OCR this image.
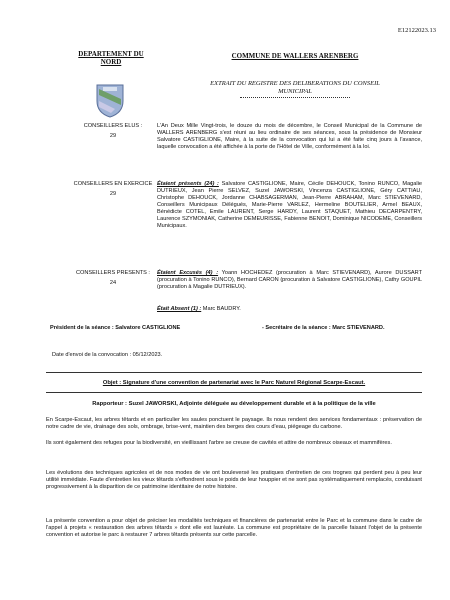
E12122023.13
DEPARTEMENT DU NORD
COMMUNE DE WALLERS ARENBERG
EXTRAIT DU REGISTRE DES DELIBERATIONS DU CONSEIL MUNICIPAL
CONSEILLERS ELUS :
29
L'An Deux Mille Vingt-trois, le douze du mois de décembre, le Conseil Municipal de la Commune de WALLERS ARENBERG s'est réuni au lieu ordinaire de ses séances, sous la présidence de Monsieur Salvatore CASTIGLIONE, Maire, à la suite de la convocation qui lui a été faite cinq jours à l'avance, laquelle convocation a été affichée à la porte de l'Hôtel de Ville, conformément à la loi.
CONSEILLERS EN EXERCICE
29
Étaient présents (24) : Salvatore CASTIGLIONE, Maire, Cécile DEHOUCK, Tonino RUNCO, Magalie DUTRIEUX, Jean Pierre SELVEZ, Suzel JAWORSKI, Vincenza CASTIGLIONE, Géry CATTIAU, Christophe DEHOUCK, Jordanne CHABSAGERMAN, Jean-Pierre ABRAHAM, Marc STIEVENARD, Conseillers Municipaux Délégués, Marie-Pierre VARLEZ, Hermeline BOUTELIER, Armel BEAUX, Bénédicte COTEL, Emile LAURENT, Serge HARDY, Laurent STAQUET, Mathieu DECARPENTRY, Laurence SZYMONIAK, Catherine DEMEURISSE, Fabienne BENOIT, Dominique NICODEME, Conseillers Municipaux.
CONSEILLERS PRESENTS :
24
Étaient Excusés (4) : Yoann HOCHEDEZ (procuration à Marc STIEVENARD), Aurore DUSSART (procuration à Tonino RUNCO), Bernard CARON (procuration à Salvatore CASTIGLIONE), Cathy GOUPIL (procuration à Magalie DUTRIEUX).
Était Absent (1) : Marc BAUDRY.
Président de la séance : Salvatore CASTIGLIONE	- Secrétaire de la séance : Marc STIEVENARD.
Date d'envoi de la convocation : 05/12/2023.
Objet : Signature d'une convention de partenariat avec le Parc Naturel Régional Scarpe-Escaut.
Rapporteur : Suzel JAWORSKI, Adjointe déléguée au développement durable et à la politique de la ville
En Scarpe-Escaut, les arbres têtards et en particulier les saules ponctuent le paysage. Ils nous rendent des services fondamentaux : préservation de notre cadre de vie, drainage des sols, ombrage, brise-vent, maintien des berges des cours d'eau, piégeage du carbone.
Ils sont également des refuges pour la biodiversité, en vieillissant l'arbre se creuse de cavités et attire de nombreux oiseaux et mammifères.
Les évolutions des techniques agricoles et de nos modes de vie ont bouleversé les pratiques d'entretien de ces trognes qui perdent peu à peu leur utilité immédiate. Faute d'entretien les vieux têtards s'effondrent sous le poids de leur houppier et ne sont pas systématiquement remplacés, conduisant progressivement à la disparition de ce patrimoine identitaire de notre histoire.
La présente convention a pour objet de préciser les modalités techniques et financières de partenariat entre le Parc et la commune dans le cadre de l'appel à projets « restauration des arbres têtards » dont elle est lauréate. La commune est propriétaire de la parcelle faisant l'objet de la présente convention et autorise le parc à restaurer 7 arbres têtards présents sur cette parcelle.
